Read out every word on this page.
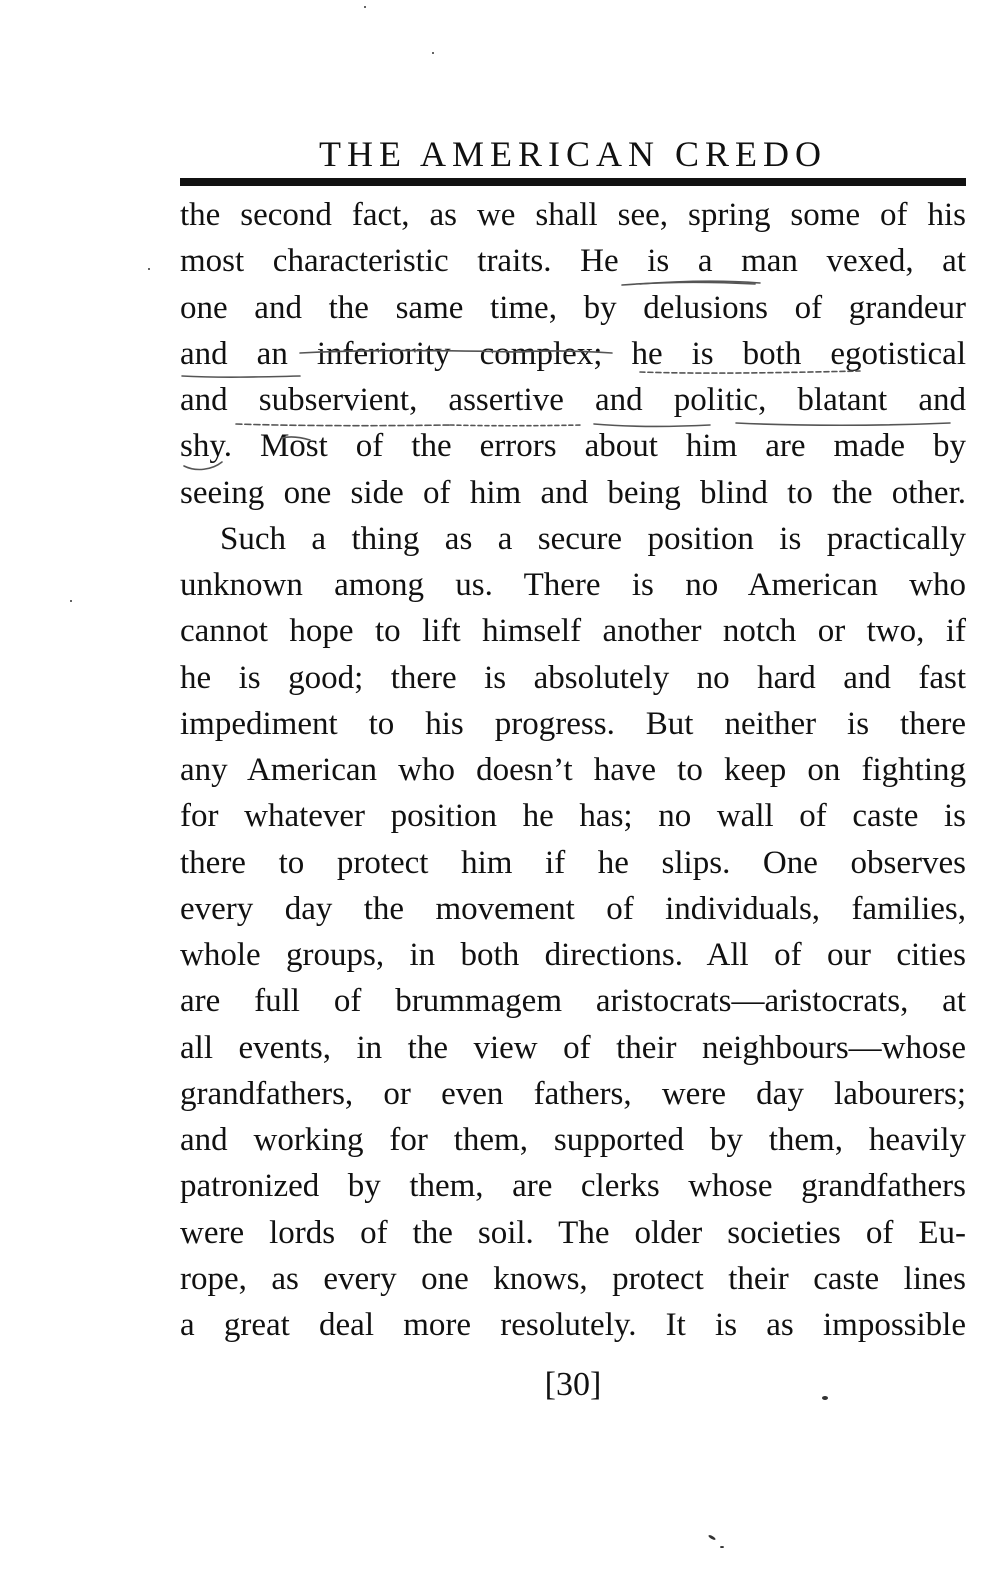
THE AMERICAN CREDO
the second fact, as we shall see, spring some of his
most characteristic traits. He is a man vexed, at
one and the same time, by delusions of grandeur
and an inferiority complex; he is both egotistical
and subservient, assertive and politic, blatant and
shy. Most of the errors about him are made by
seeing one side of him and being blind to the other.
Such a thing as a secure position is practically
unknown among us. There is no American who
cannot hope to lift himself another notch or two, if
he is good; there is absolutely no hard and fast
impediment to his progress. But neither is there
any American who doesn’t have to keep on fighting
for whatever position he has; no wall of caste is
there to protect him if he slips. One observes
every day the movement of individuals, families,
whole groups, in both directions. All of our cities
are full of brummagem aristocrats—aristocrats, at
all events, in the view of their neighbours—whose
grandfathers, or even fathers, were day labourers;
and working for them, supported by them, heavily
patronized by them, are clerks whose grandfathers
were lords of the soil. The older societies of Eu-
rope, as every one knows, protect their caste lines
a great deal more resolutely. It is as impossible
[30]
